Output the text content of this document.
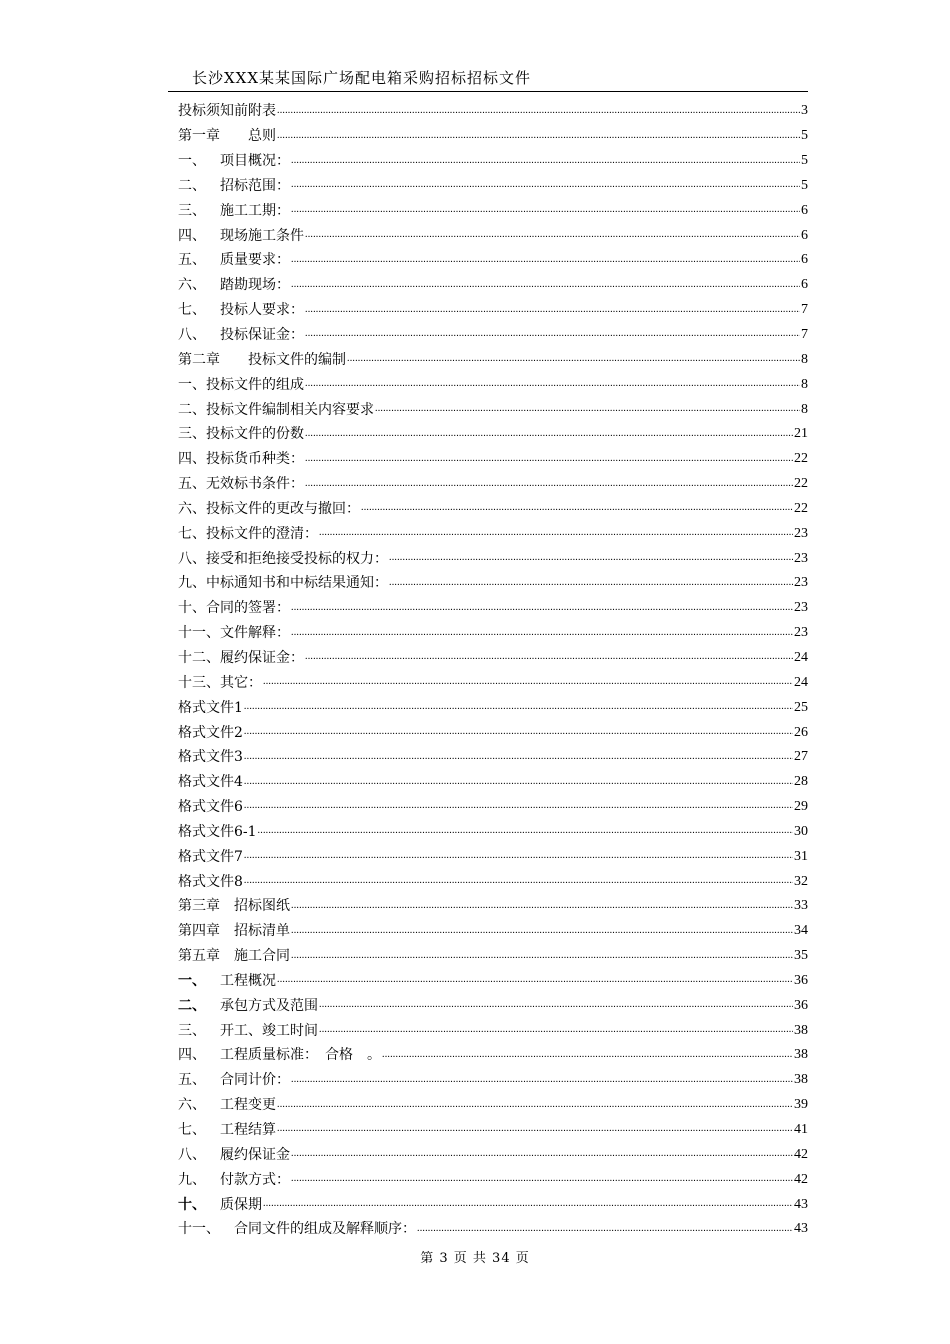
长沙XXX某某国际广场配电箱采购招标招标文件
投标须知前附表 .....	3
第一章　　 总则 .....	5
一、　 项目概况： .....	5
二、　 招标范围： .....	5
三、　 施工工期： .....	6
四、　 现场施工条件 .....	6
五、　 质量要求： .....	6
六、　 踏勘现场： .....	6
七、　 投标人要求： .....	7
八、　 投标保证金： .....	7
第二章　　 投标文件的编制 .....	8
一、投标文件的组成 .....	8
二、投标文件编制相关内容要求 .....	8
三、投标文件的份数 .....	21
四、投标货币种类： .....	22
五、无效标书条件： .....	22
六、投标文件的更改与撤回： .....	22
七、投标文件的澄清： .....	23
八、接受和拒绝接受投标的权力： .....	23
九、中标通知书和中标结果通知： .....	23
十、合同的签署： .....	23
十一、文件解释： .....	23
十二、履约保证金： .....	24
十三、其它： .....	24
格式文件1 .....	25
格式文件2 .....	26
格式文件3 .....	27
格式文件4 .....	28
格式文件6 .....	29
格式文件6-1 .....	30
格式文件7 .....	31
格式文件8 .....	32
第三章　 招标图纸 .....	33
第四章　 招标清单 .....	34
第五章　 施工合同 .....	35
一、　 工程概况 .....	36
二、　 承包方式及范围 .....	36
三、　 开工、竣工时间 .....	38
四、　 工程质量标准：　合格　。 .....	38
五、　 合同计价： .....	38
六、　 工程变更 .....	39
七、　 工程结算 .....	41
八、　 履约保证金 .....	42
九、　 付款方式： .....	42
十、　 质保期 .....	43
十一、　 合同文件的组成及解释顺序： .....	43
第 3 页 共 34 页
